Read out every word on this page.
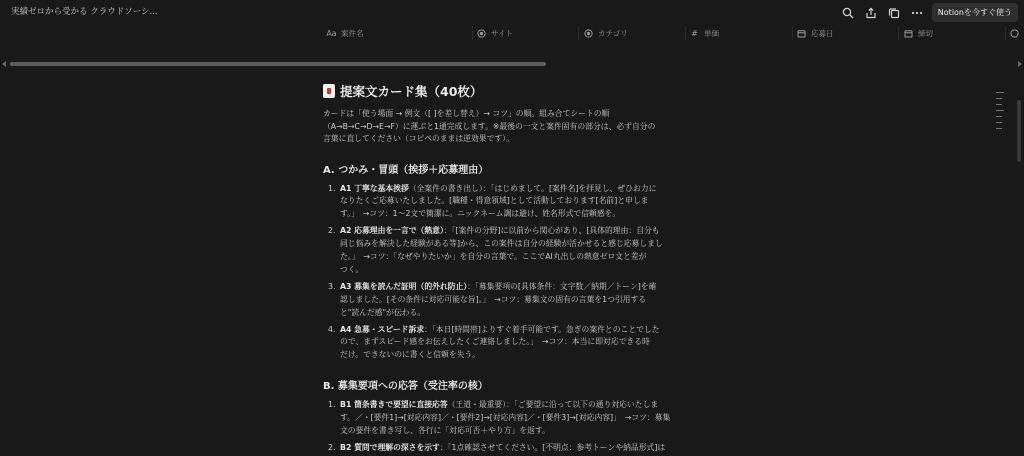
実績ゼロから受かる クラウドソーシ...	Notionを今すぐ使う
Aa 案件名	サイト	カテゴリ	# 単価	応募日	締切
提案文カード集（40枚）
カードは「使う場面 → 例文（[ ]を差し替え）→ コツ」の順。組み合てシートの順
（A→B→C→D→E→F）に運ぶと1通完成します。※最後の一文と案件固有の部分は、必ず自分の
言葉に直してください（コピペのままは逆効果です）。
A. つかみ・冒頭（挨拶＋応募理由）
1. A1 丁寧な基本挨拶（全案件の書き出し）：「はじめまして。[案件名]を拝見し、ぜひお力に
なりたくご応募いたしました。[職種・得意領域]として活動しております[名前]と申しま
す。」　→コツ：1〜2文で簡潔に。ニックネーム調は避け、姓名形式で信頼感を。
2. A2 応募理由を一言で（熱意）：「[案件の分野]に以前から関心があり、[具体的理由：自分も
同じ悩みを解決した経験がある等]から、この案件は自分の経験が活かせると感じ応募しまし
た。」　→コツ：「なぜやりたいか」を自分の言葉で。ここでAI丸出しの熱意ゼロ文と差が
つく。
3. A3 募集を読んだ証明（的外れ防止）：「募集要項の[具体条件：文字数／納期／トーン]を確
認しました。[その条件に対応可能な旨]。」　→コツ：募集文の固有の言葉を1つ引用する
と"読んだ感"が伝わる。
4. A4 急募・スピード訴求：「本日[時間帯]よりすぐ着手可能です。急ぎの案件とのことでした
ので、まずスピード感をお伝えしたくご連絡しました。」　→コツ：本当に即対応できる時
だけ。できないのに書くと信頼を失う。
B. 募集要項への応答（受注率の核）
1. B1 箇条書きで要望に直接応答（王道・最重要）：「ご要望に沿って以下の通り対応いたしま
す。／・[要件1]→[対応内容]／・[要件2]→[対応内容]／・[要件3]→[対応内容]」　→コツ：募集
文の要件を書き写し、各行に「対応可否＋やり方」を返す。
2. B2 質問で理解の深さを示す：「1点確認させてください。[不明点：参考トーンや納品形式]は
